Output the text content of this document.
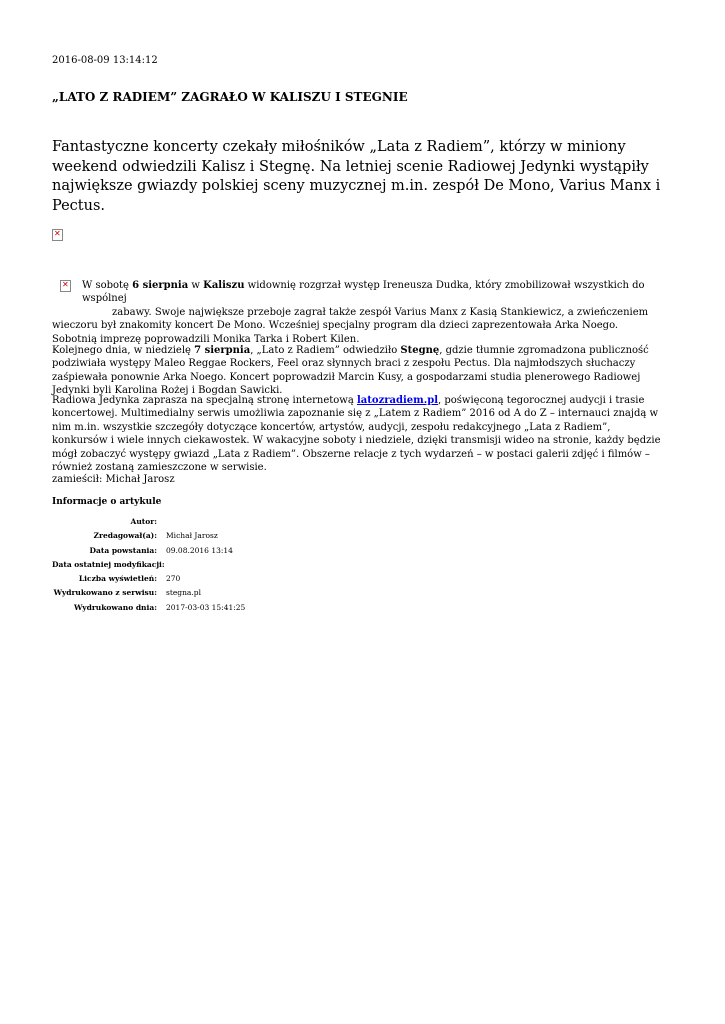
2016-08-09 13:14:12
„LATO Z RADIEM” ZAGRAŁO W KALISZU I STEGNIE

Fantastyczne koncerty czekały miłośników „Lata z Radiem”, którzy w miniony weekend odwiedzili Kalisz i Stegnę. Na letniej scenie Radiowej Jedynki wystąpiły największe gwiazdy polskiej sceny muzycznej m.in. zespół De Mono, Varius Manx i Pectus.

✕
✕
W sobotę 6 sierpnia w Kaliszu widownię rozgrzał występ Ireneusza Dudka, który zmobilizował wszystkich do wspólnej
zabawy. Swoje największe przeboje zagrał także zespół Varius Manx z Kasią Stankiewicz, a zwieńczeniem wieczoru był znakomity koncert De Mono. Wcześniej specjalny program dla dzieci zaprezentowała Arka Noego. Sobotnią imprezę poprowadzili Monika Tarka i Robert Kilen.
Kolejnego dnia, w niedzielę 7 sierpnia, „Lato z Radiem” odwiedziło Stegnę, gdzie tłumnie zgromadzona publiczność podziwiała występy Maleo Reggae Rockers, Feel oraz słynnych braci z zespołu Pectus. Dla najmłodszych słuchaczy zaśpiewała ponownie Arka Noego. Koncert poprowadził Marcin Kusy, a gospodarzami studia plenerowego Radiowej Jedynki byli Karolina Rożej i Bogdan Sawicki.
Radiowa Jedynka zaprasza na specjalną stronę internetową latozradiem.pl, poświęconą tegorocznej audycji i trasie koncertowej. Multimedialny serwis umożliwia zapoznanie się z „Latem z Radiem” 2016 od A do Z – internauci znajdą w nim m.in. wszystkie szczegóły dotyczące koncertów, artystów, audycji, zespołu redakcyjnego „Lata z Radiem”, konkursów i wiele innych ciekawostek. W wakacyjne soboty i niedziele, dzięki transmisji wideo na stronie, każdy będzie mógł zobaczyć występy gwiazd „Lata z Radiem”. Obszerne relacje z tych wydarzeń – w postaci galerii zdjęć i filmów – również zostaną zamieszczone w serwisie.

zamieścił: Michał Jarosz

Informacje o artykule
Autor:
Zredagował(a):	Michał Jarosz
Data powstania:	09.08.2016 13:14
Data ostatniej modyfikacji:
Liczba wyświetleń:	270
Wydrukowano z serwisu:	stegna.pl
Wydrukowano dnia:	2017-03-03 15:41:25
